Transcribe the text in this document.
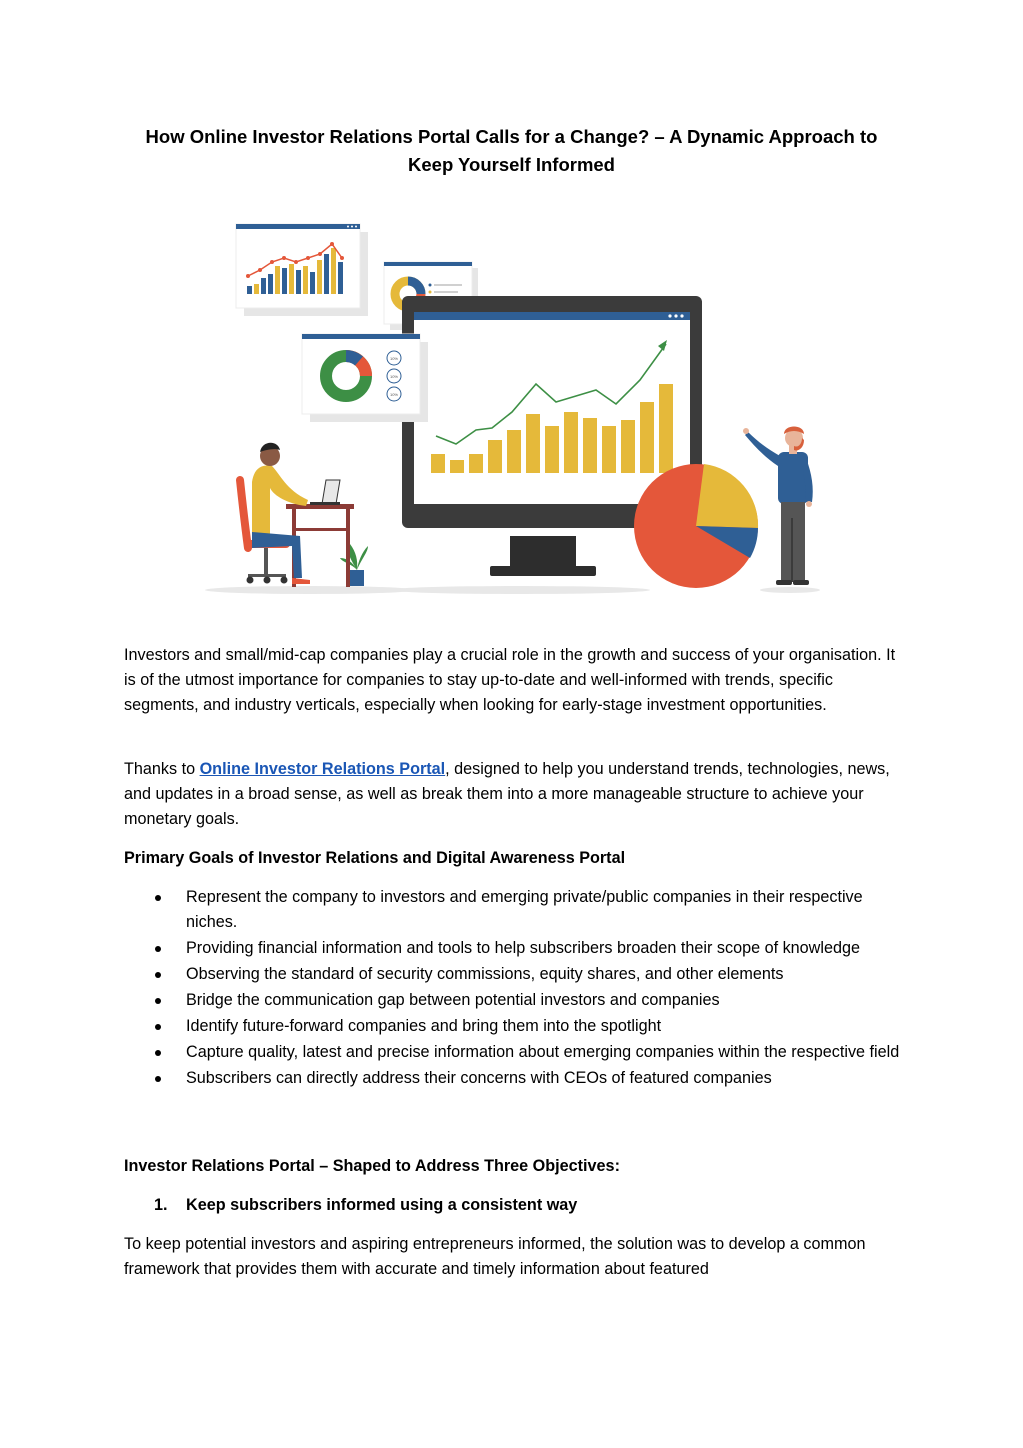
How Online Investor Relations Portal Calls for a Change? – A Dynamic Approach to
Keep Yourself Informed
10%
10%
10%

Investors and small/mid-cap companies play a crucial role in the growth and success of your organisation. It is of the utmost importance for companies to stay up-to-date and well-informed with trends, specific segments, and industry verticals, especially when looking for early-stage investment opportunities.

Thanks to Online Investor Relations Portal, designed to help you understand trends, technologies, news, and updates in a broad sense, as well as break them into a more manageable structure to achieve your monetary goals.

Primary Goals of Investor Relations and Digital Awareness Portal

Represent the company to investors and emerging private/public companies in their respective niches.
Providing financial information and tools to help subscribers broaden their scope of knowledge
Observing the standard of security commissions, equity shares, and other elements
Bridge the communication gap between potential investors and companies
Identify future-forward companies and bring them into the spotlight
Capture quality, latest and precise information about emerging companies within the respective field
Subscribers can directly address their concerns with CEOs of featured companies

Investor Relations Portal – Shaped to Address Three Objectives:

1. Keep subscribers informed using a consistent way

To keep potential investors and aspiring entrepreneurs informed, the solution was to develop a common framework that provides them with accurate and timely information about featured
